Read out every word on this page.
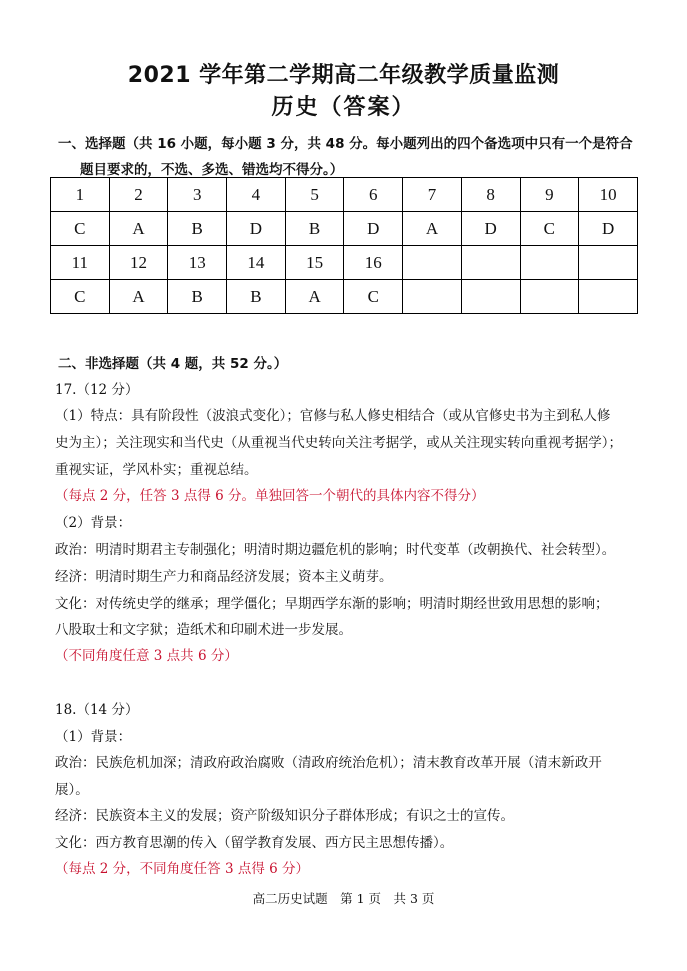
2021 学年第二学期高二年级教学质量监测
历史（答案）
一、选择题（共 16 小题，每小题 3 分，共 48 分。每小题列出的四个备选项中只有一个是符合
题目要求的，不选、多选、错选均不得分。）
1	2	3	4	5	6	7	8	9	10
C	A	B	D	B	D	A	D	C	D
11	12	13	14	15	16				
C	A	B	B	A	C				
二、非选择题（共 4 题，共 52 分。）
17.（12 分）
（1）特点：具有阶段性（波浪式变化）；官修与私人修史相结合（或从官修史书为主到私人修
史为主）；关注现实和当代史（从重视当代史转向关注考据学，或从关注现实转向重视考据学）；
重视实证，学风朴实；重视总结。
（每点 2 分，任答 3 点得 6 分。单独回答一个朝代的具体内容不得分）
（2）背景：
政治：明清时期君主专制强化；明清时期边疆危机的影响；时代变革（改朝换代、社会转型）。
经济：明清时期生产力和商品经济发展；资本主义萌芽。
文化：对传统史学的继承；理学僵化；早期西学东渐的影响；明清时期经世致用思想的影响；
八股取士和文字狱；造纸术和印刷术进一步发展。
（不同角度任意 3 点共 6 分）
18.（14 分）
（1）背景：
政治：民族危机加深；清政府政治腐败（清政府统治危机）；清末教育改革开展（清末新政开
展）。
经济：民族资本主义的发展；资产阶级知识分子群体形成；有识之士的宣传。
文化：西方教育思潮的传入（留学教育发展、西方民主思想传播）。
（每点 2 分，不同角度任答 3 点得 6 分）
高二历史试题　第 1 页　共 3 页
